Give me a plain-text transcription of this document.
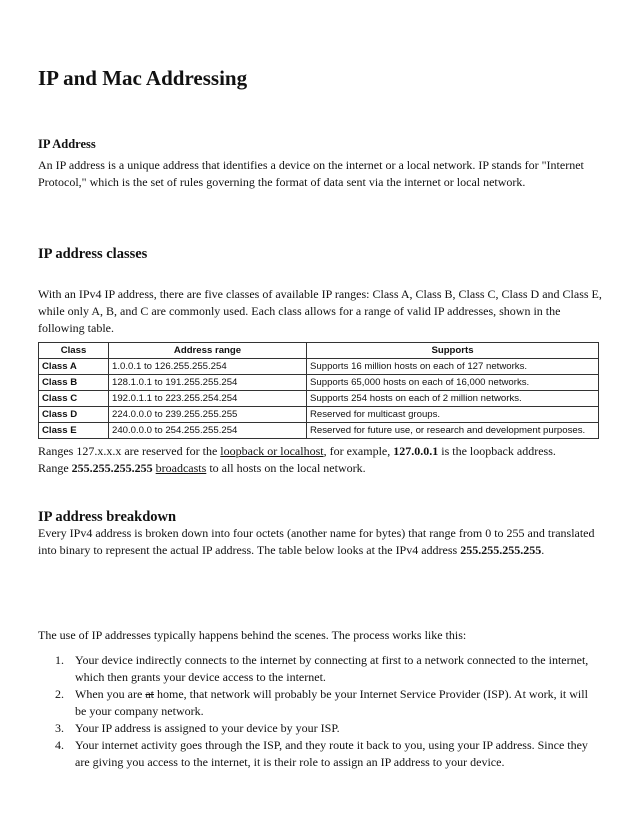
IP and Mac Addressing
IP Address
An IP address is a unique address that identifies a device on the internet or a local network. IP stands for "Internet Protocol," which is the set of rules governing the format of data sent via the internet or local network.
IP address classes
With an IPv4 IP address, there are five classes of available IP ranges: Class A, Class B, Class C, Class D and Class E, while only A, B, and C are commonly used. Each class allows for a range of valid IP addresses, shown in the following table.
Class	Address range	Supports
Class A	1.0.0.1 to 126.255.255.254	Supports 16 million hosts on each of 127 networks.
Class B	128.1.0.1 to 191.255.255.254	Supports 65,000 hosts on each of 16,000 networks.
Class C	192.0.1.1 to 223.255.254.254	Supports 254 hosts on each of 2 million networks.
Class D	224.0.0.0 to 239.255.255.255	Reserved for multicast groups.
Class E	240.0.0.0 to 254.255.255.254	Reserved for future use, or research and development purposes.
Ranges 127.x.x.x are reserved for the loopback or localhost, for example, 127.0.0.1 is the loopback address.
Range 255.255.255.255 broadcasts to all hosts on the local network.
IP address breakdown
Every IPv4 address is broken down into four octets (another name for bytes) that range from 0 to 255 and translated into binary to represent the actual IP address. The table below looks at the IPv4 address 255.255.255.255.
The use of IP addresses typically happens behind the scenes. The process works like this:
1. Your device indirectly connects to the internet by connecting at first to a network connected to the internet, which then grants your device access to the internet.
2. When you are at home, that network will probably be your Internet Service Provider (ISP). At work, it will be your company network.
3. Your IP address is assigned to your device by your ISP.
4. Your internet activity goes through the ISP, and they route it back to you, using your IP address. Since they are giving you access to the internet, it is their role to assign an IP address to your device.
